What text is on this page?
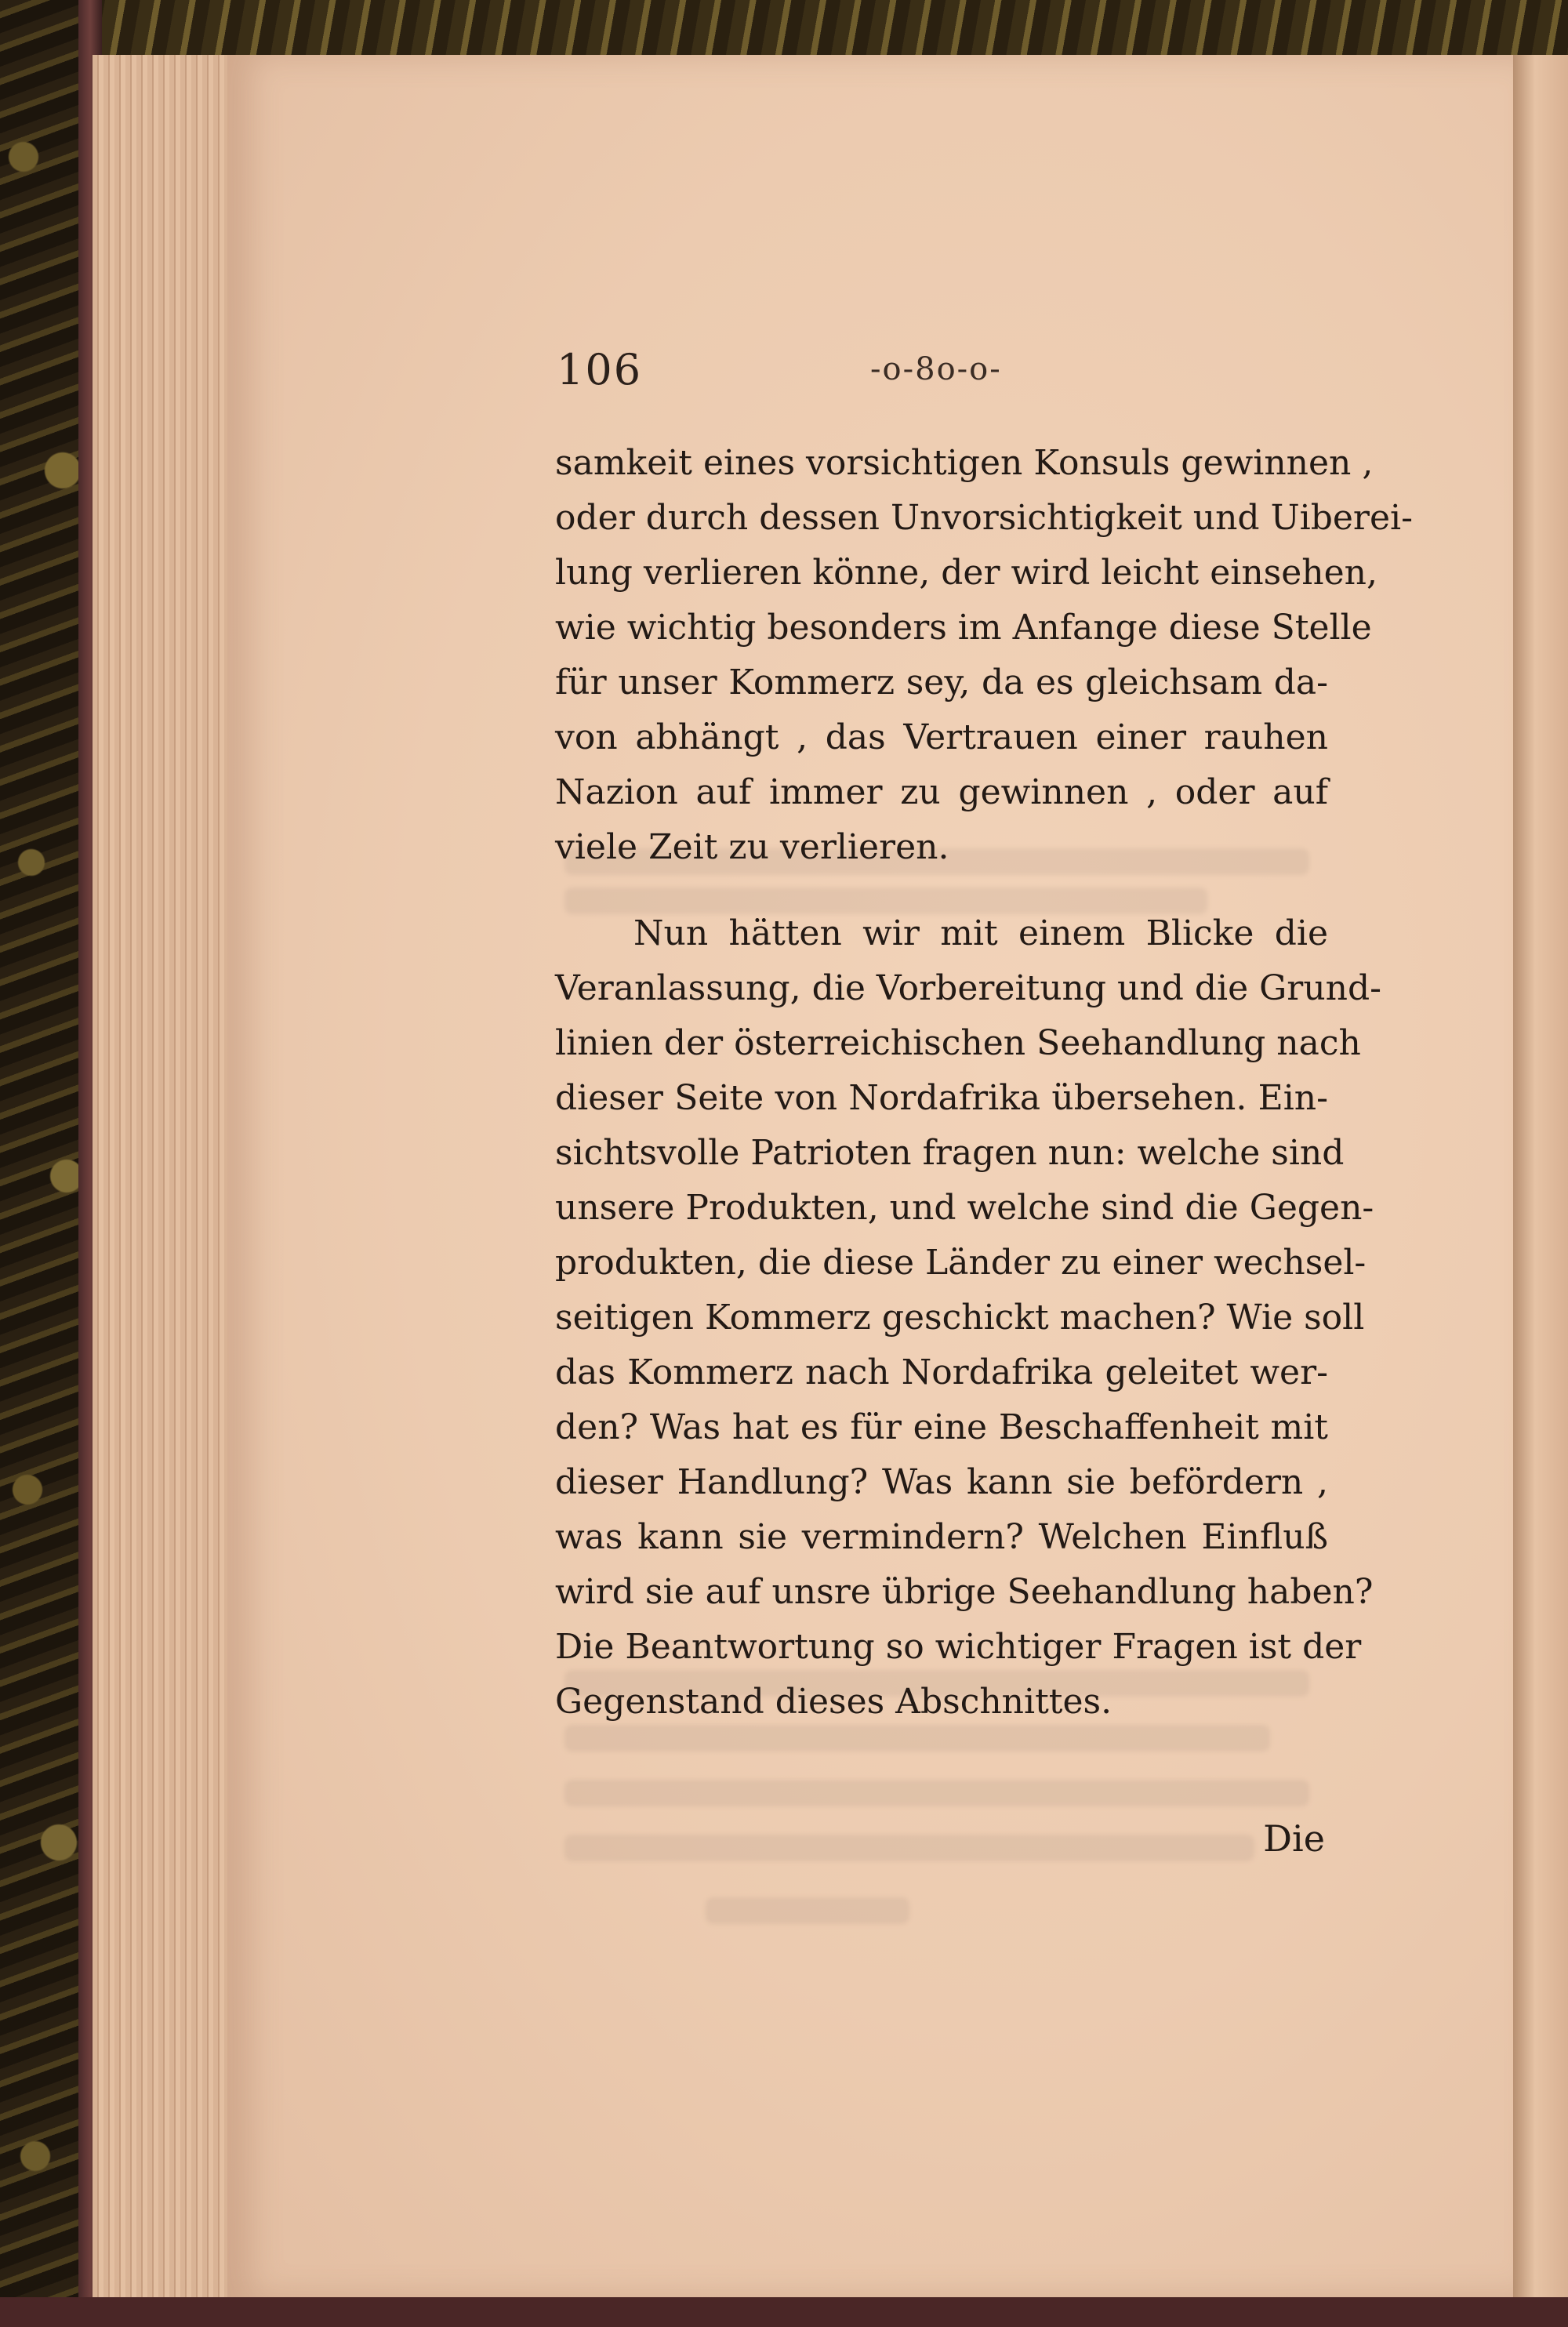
106	-o-8o-o-
samkeit eines vorsichtigen Konsuls gewinnen ,
oder durch dessen Unvorsichtigkeit und Uiberei-
lung verlieren könne, der wird leicht einsehen,
wie wichtig besonders im Anfange diese Stelle
für unser Kommerz sey, da es gleichsam da-
von abhängt , das Vertrauen einer rauhen
Nazion auf immer zu gewinnen , oder auf
viele Zeit zu verlieren.
Nun hätten wir mit einem Blicke die
Veranlassung, die Vorbereitung und die Grund-
linien der österreichischen Seehandlung nach
dieser Seite von Nordafrika übersehen. Ein-
sichtsvolle Patrioten fragen nun: welche sind
unsere Produkten, und welche sind die Gegen-
produkten, die diese Länder zu einer wechsel-
seitigen Kommerz geschickt machen? Wie soll
das Kommerz nach Nordafrika geleitet wer-
den? Was hat es für eine Beschaffenheit mit
dieser Handlung? Was kann sie befördern ,
was kann sie vermindern? Welchen Einfluß
wird sie auf unsre übrige Seehandlung haben?
Die Beantwortung so wichtiger Fragen ist der
Gegenstand dieses Abschnittes.
Die
